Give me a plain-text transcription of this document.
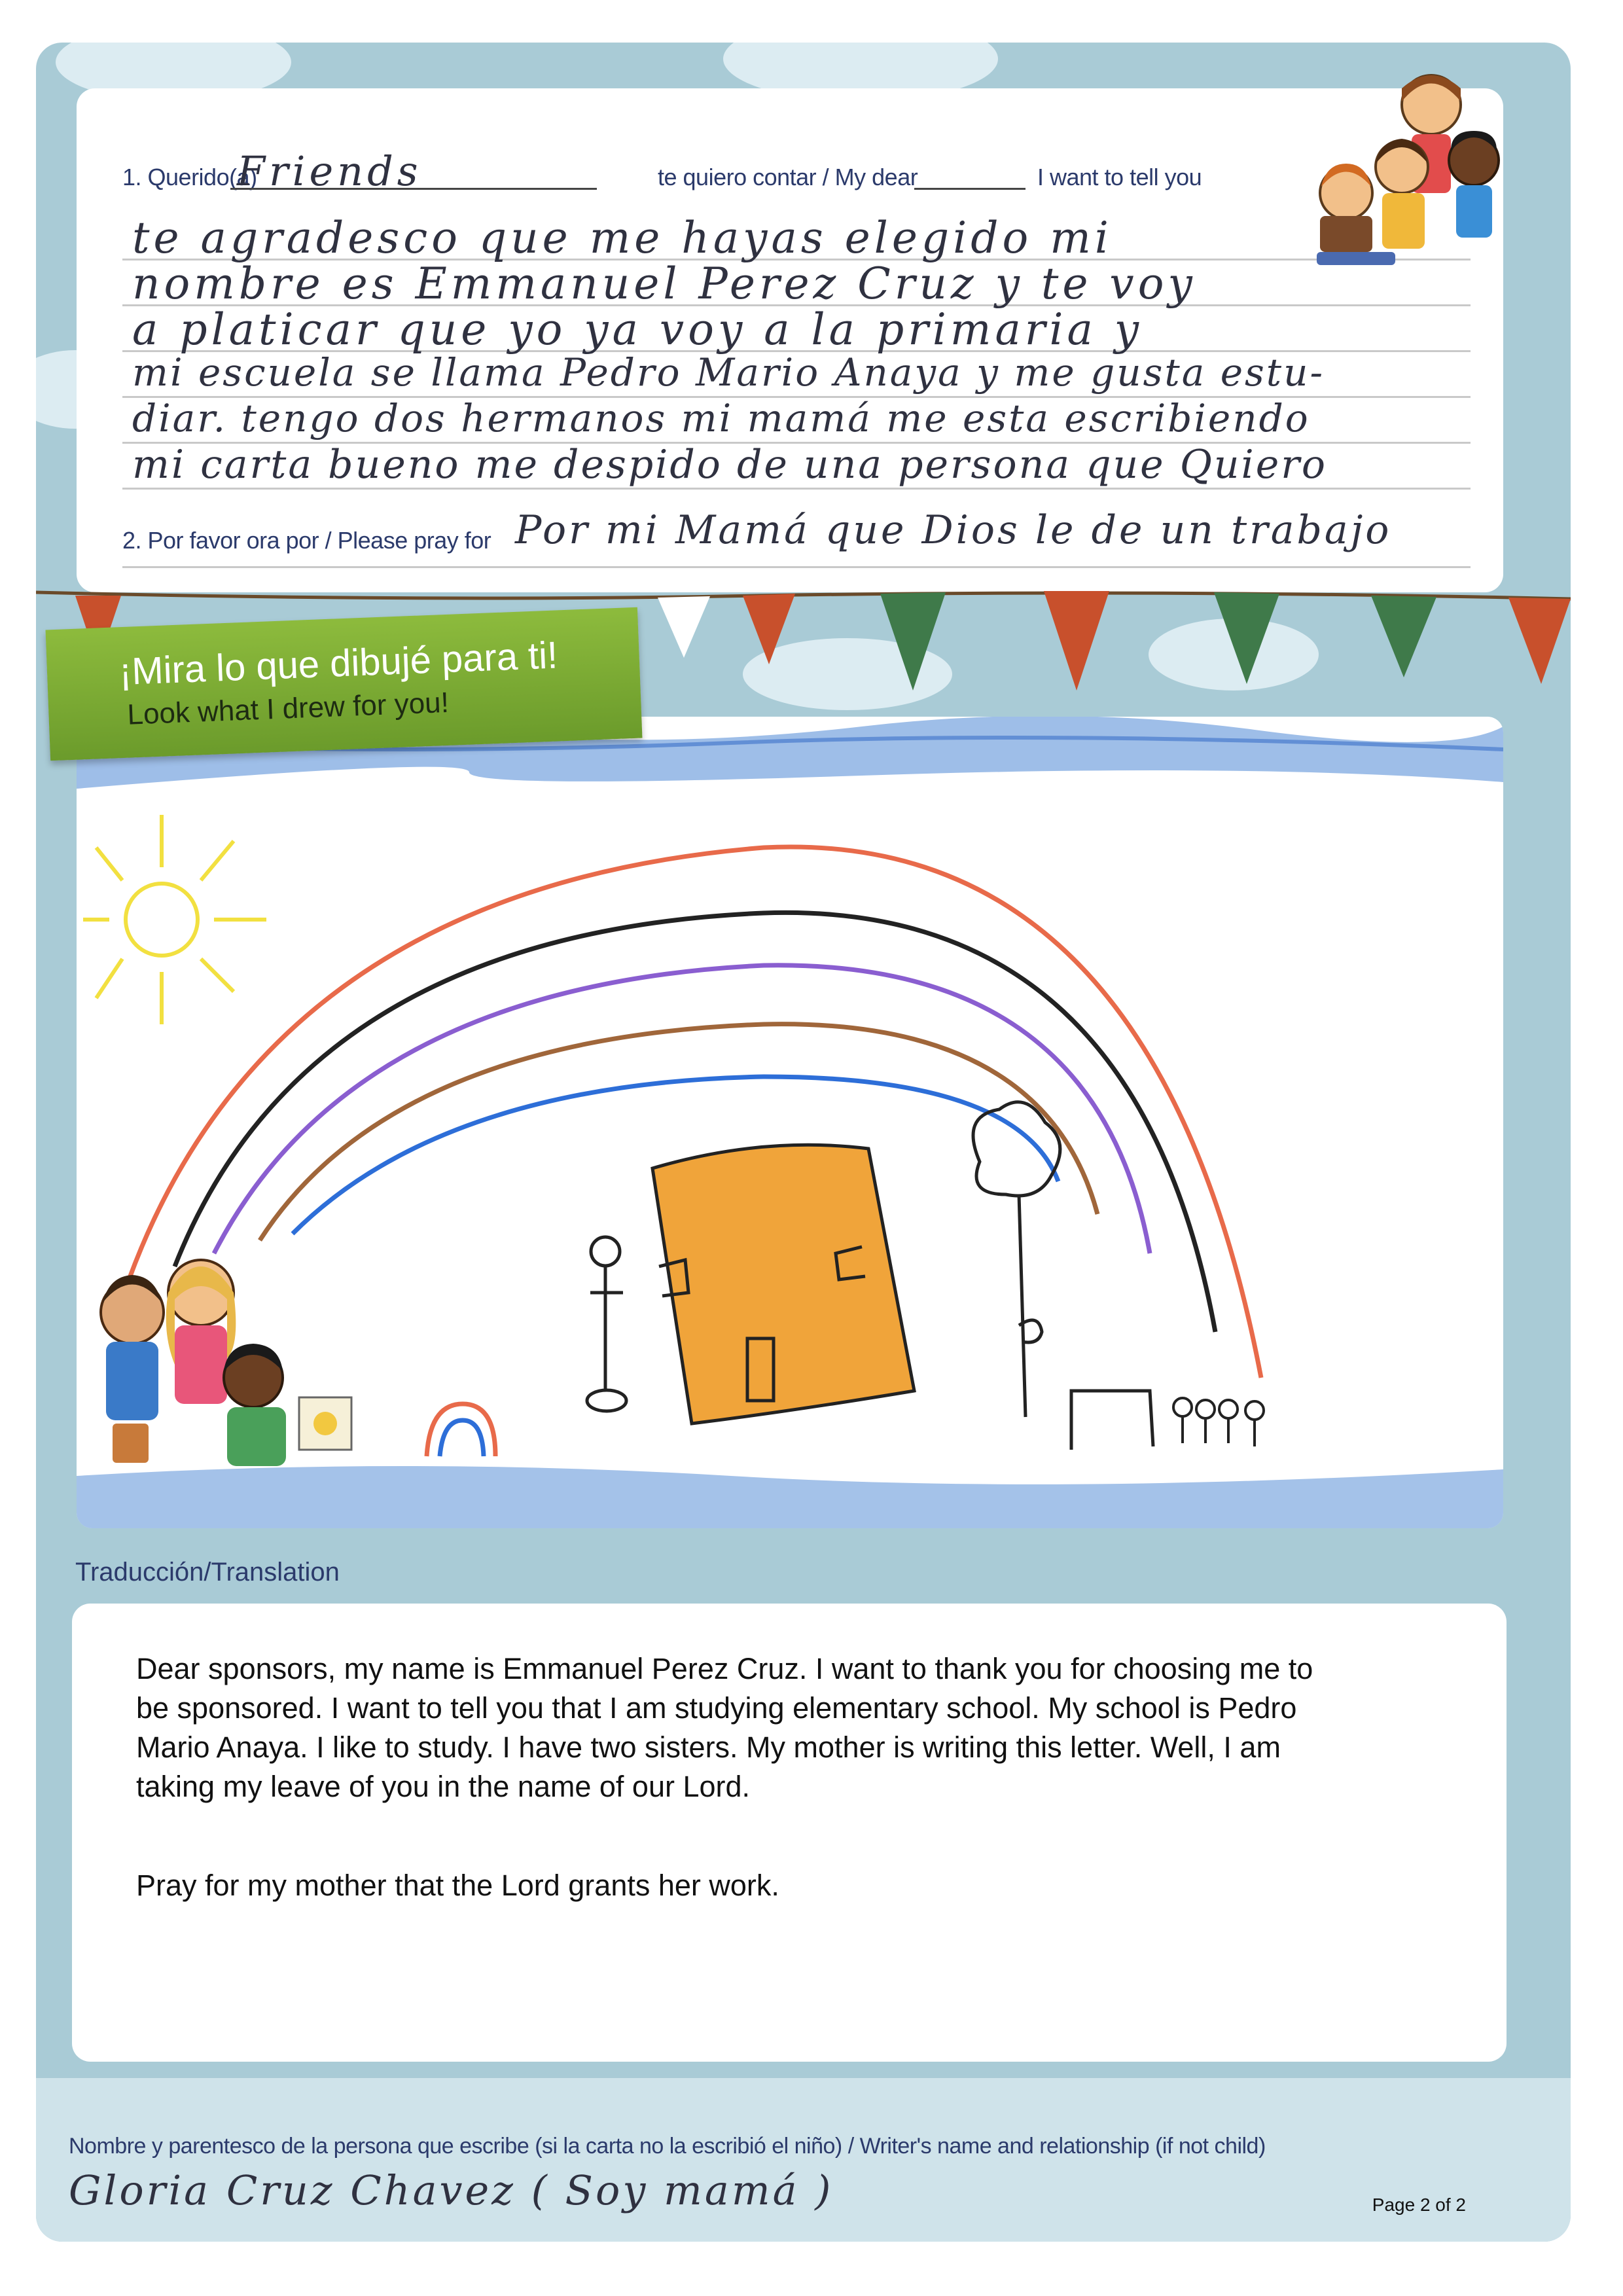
1. Querido(a)
Friends	te quiero contar / My dear	I want to tell you
te agradesco que me hayas elegido mi
nombre es Emmanuel Perez Cruz y te voy
a platicar que yo ya voy a la primaria y
mi escuela se llama Pedro Mario Anaya y me gusta estu-
diar. tengo dos hermanos mi mamá me esta escribiendo
mi carta bueno me despido de una persona que Quiero
2. Por favor ora por / Please pray for Por mi Mamá que Dios le de un trabajo
¡Mira lo que dibujé para ti!
Look what I drew for you!
Traducción/Translation
Dear sponsors, my name is Emmanuel Perez Cruz. I want to thank you for choosing me to
be sponsored. I want to tell you that I am studying elementary school. My school is Pedro
Mario Anaya. I like to study. I have two sisters. My mother is writing this letter. Well, I am
taking my leave of you in the name of our Lord.
Pray for my mother that the Lord grants her work.
Nombre y parentesco de la persona que escribe (si la carta no la escribió el niño) / Writer's name and relationship (if not child)
Gloria Cruz Chavez ( Soy mamá )	Page 2 of 2
